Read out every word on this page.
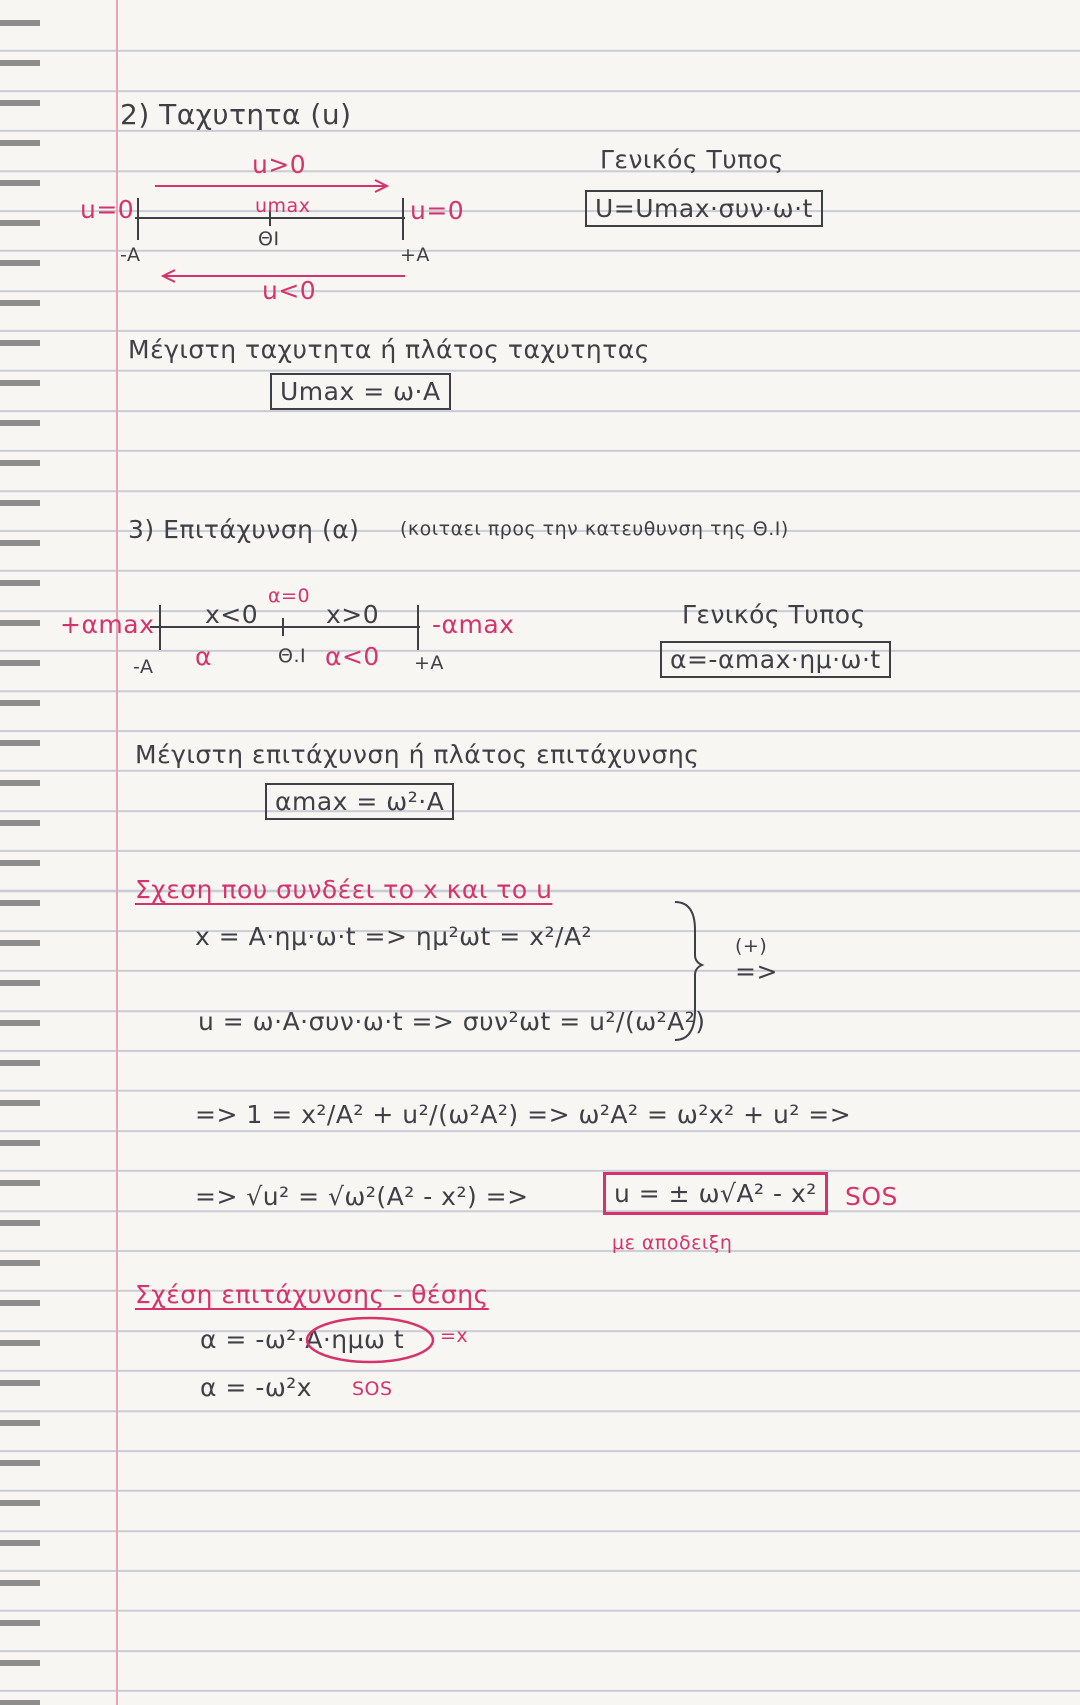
2) Ταχυτητα (u)
u>0
umax
ΘΙ
u<0
u=0	u=0
-A	+A
Γενικός Τυπος
U=Umax·συν·ω·t
Μέγιστη ταχυτητα ή πλάτος ταχυτητας
Umax = ω·A
3) Επιτάχυνση (α) (κοιταει προς την κατευθυνση της Θ.Ι)
+αmax	-αmax
x<0	x>0
α=0
α	Θ.Ι α<0
-A	+A
Γενικός Τυπος
α=-αmax·ημ·ω·t
Μέγιστη επιτάχυνση ή πλάτος επιτάχυνσης
αmax = ω²·A
Σχεση που συνδέει το x και το u
x = A·ημ·ω·t => ημ²ωt = x²/A²
u = ω·A·συν·ω·t => συν²ωt = u²/(ω²A²)
(+)
=>
=> 1 = x²/A² + u²/(ω²A²) => ω²A² = ω²x² + u² =>
=> √u² = √ω²(A² - x²) =>	u = ± ω√A² - x²	SOS
με αποδειξη
Σχέση επιτάχυνσης - θέσης
α = -ω²·A·ημω t =x
α = -ω²x SOS
